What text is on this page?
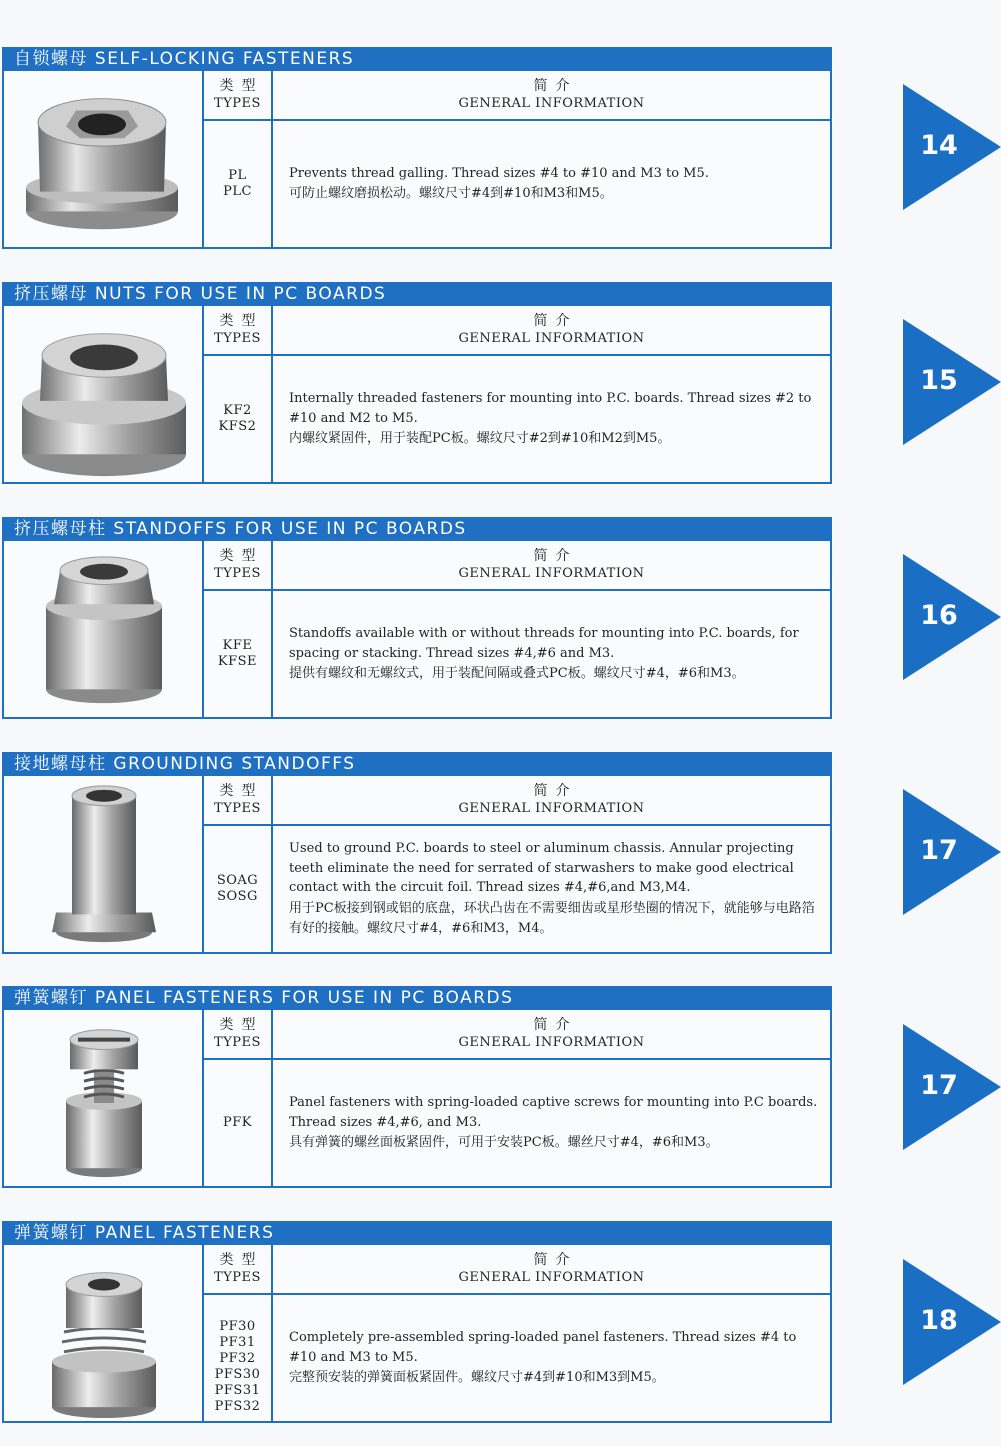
自锁螺母 SELF-LOCKING FASTENERS
类型
TYPES
PL
PLC
简介
GENERAL INFORMATION
Prevents thread galling. Thread sizes #4 to #10 and M3 to M5.
可防止螺纹磨损松动。螺纹尺寸#4到#10和M3和M5。
挤压螺母 NUTS FOR USE IN PC BOARDS
类型
TYPES
KF2
KFS2
简介
GENERAL INFORMATION
Internally threaded fasteners for mounting into P.C. boards. Thread sizes #2 to #10 and M2 to M5.
内螺纹紧固件，用于装配PC板。螺纹尺寸#2到#10和M2到M5。
挤压螺母柱 STANDOFFS FOR USE IN PC BOARDS
类型
TYPES
KFE
KFSE
简介
GENERAL INFORMATION
Standoffs available with or without threads for mounting into P.C. boards, for spacing or stacking. Thread sizes #4,#6 and M3.
提供有螺纹和无螺纹式，用于装配间隔或叠式PC板。螺纹尺寸#4，#6和M3。
接地螺母柱 GROUNDING STANDOFFS
类型
TYPES
SOAG
SOSG
简介
GENERAL INFORMATION
Used to ground P.C. boards to steel or aluminum chassis. Annular projecting teeth eliminate the need for serrated of starwashers to make good electrical contact with the circuit foil. Thread sizes #4,#6,and M3,M4.
用于PC板接到钢或铝的底盘，环状凸齿在不需要细齿或星形垫圈的情况下，就能够与电路箔有好的接触。螺纹尺寸#4，#6和M3，M4。
弹簧螺钉 PANEL FASTENERS FOR USE IN PC BOARDS
类型
TYPES
PFK
简介
GENERAL INFORMATION
Panel fasteners with spring-loaded captive screws for mounting into P.C boards. Thread sizes #4,#6, and M3.
具有弹簧的螺丝面板紧固件，可用于安装PC板。螺丝尺寸#4，#6和M3。
弹簧螺钉 PANEL FASTENERS
类型
TYPES
PF30
PF31
PF32
PFS30
PFS31
PFS32
简介
GENERAL INFORMATION
Completely pre-assembled spring-loaded panel fasteners. Thread sizes #4 to #10 and M3 to M5.
完整预安装的弹簧面板紧固件。螺纹尺寸#4到#10和M3到M5。
14
15
16
17
17
18
